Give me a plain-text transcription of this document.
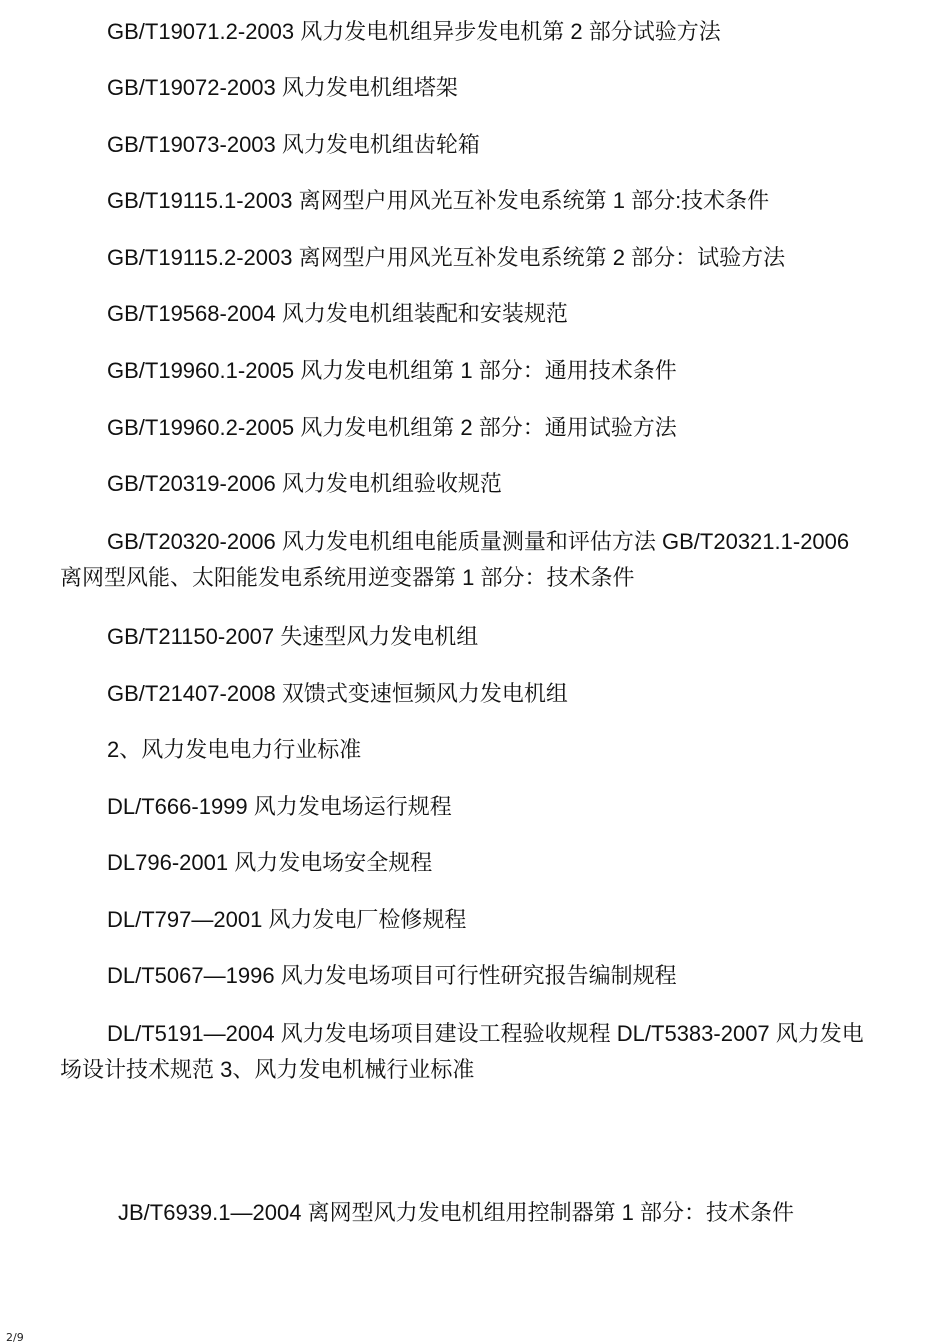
GB/T19071.2-2003 风力发电机组异步发电机第 2 部分试验方法

GB/T19072-2003 风力发电机组塔架

GB/T19073-2003 风力发电机组齿轮箱

GB/T19115.1-2003 离网型户用风光互补发电系统第 1 部分:技术条件

GB/T19115.2-2003 离网型户用风光互补发电系统第 2 部分：试验方法

GB/T19568-2004 风力发电机组装配和安装规范

GB/T19960.1-2005 风力发电机组第 1 部分：通用技术条件

GB/T19960.2-2005 风力发电机组第 2 部分：通用试验方法

GB/T20319-2006 风力发电机组验收规范

GB/T20320-2006 风力发电机组电能质量测量和评估方法 GB/T20321.1-2006 离网型风能、太阳能发电系统用逆变器第 1 部分：技术条件

GB/T21150-2007 失速型风力发电机组

GB/T21407-2008 双馈式变速恒频风力发电机组

2、风力发电电力行业标准

DL/T666-1999 风力发电场运行规程

DL796-2001 风力发电场安全规程

DL/T797—2001 风力发电厂检修规程

DL/T5067—1996 风力发电场项目可行性研究报告编制规程

DL/T5191—2004 风力发电场项目建设工程验收规程 DL/T5383-2007 风力发电场设计技术规范 3、风力发电机械行业标准

JB/T6939.1—2004 离网型风力发电机组用控制器第 1 部分：技术条件

2/9
